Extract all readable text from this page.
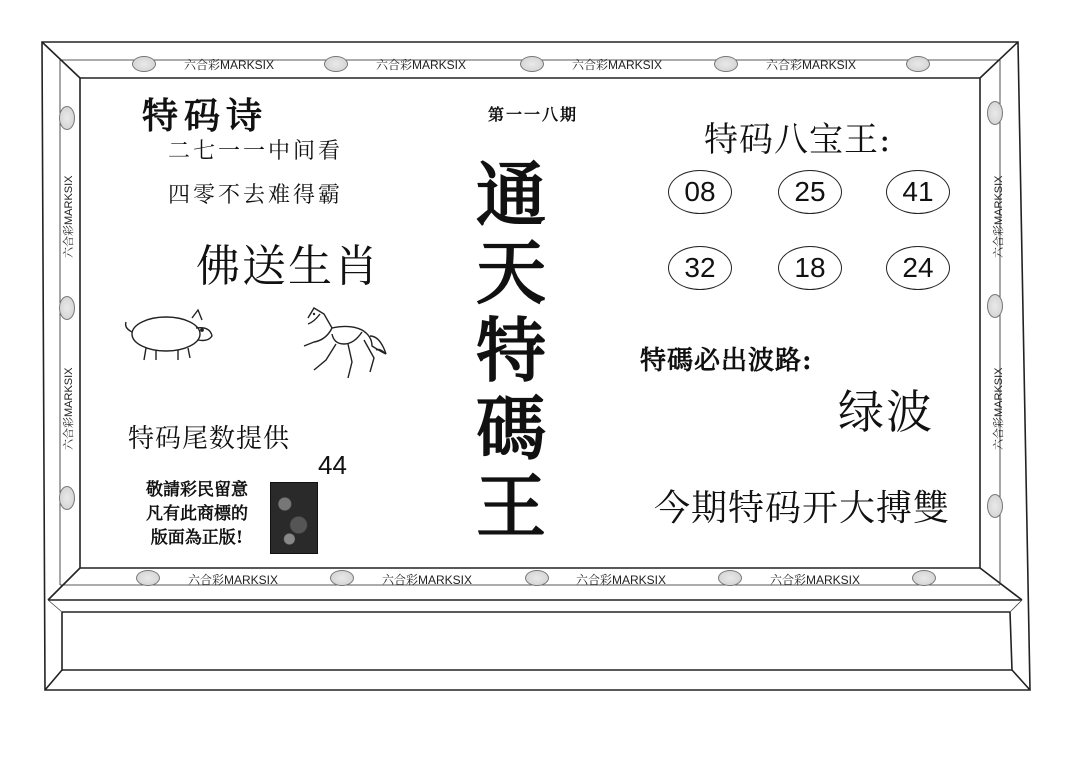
六合彩MARKSIX	六合彩MARKSIX	六合彩MARKSIX	六合彩MARKSIX
六合彩MARKSIX	六合彩MARKSIX	六合彩MARKSIX	六合彩MARKSIX
六合彩MARKSIX
六合彩MARKSIX
六合彩MARKSIX
六合彩MARKSIX
特码诗
二七一一中间看
四零不去难得霸
佛送生肖
特码尾数提供
44
敬請彩民留意
凡有此商標的
版面為正版!
第一一八期
通
天
特
碼
王
特码八宝王:
08	25	41
32	18	24
特碼必出波路:
绿波
今期特码开大搏雙
